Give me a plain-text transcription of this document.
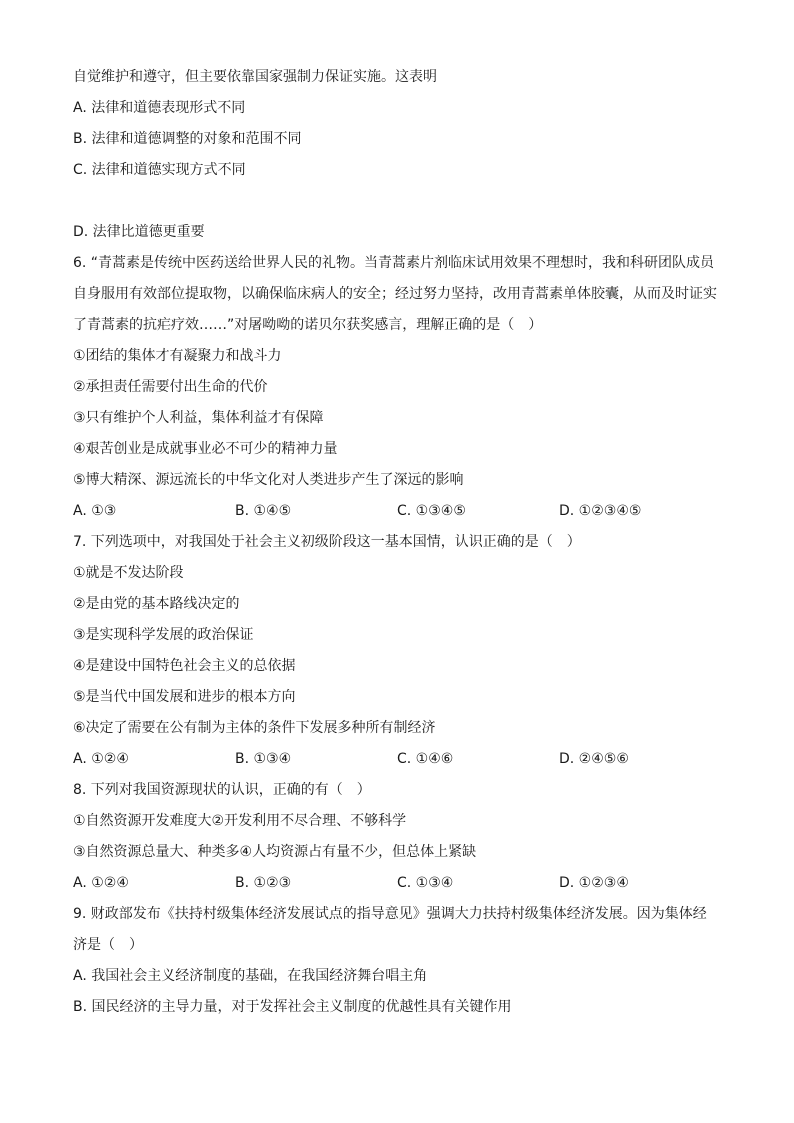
自觉维护和遵守，但主要依靠国家强制力保证实施。这表明
A. 法律和道德表现形式不同
B. 法律和道德调整的对象和范围不同
C. 法律和道德实现方式不同
D. 法律比道德更重要
6. “青蒿素是传统中医药送给世界人民的礼物。当青蒿素片剂临床试用效果不理想时，我和科研团队成员
自身服用有效部位提取物，以确保临床病人的安全；经过努力坚持，改用青蒿素单体胶囊，从而及时证实
了青蒿素的抗疟疗效……”对屠呦呦的诺贝尔获奖感言，理解正确的是（　）
①团结的集体才有凝聚力和战斗力
②承担责任需要付出生命的代价
③只有维护个人利益，集体利益才有保障
④艰苦创业是成就事业必不可少的精神力量
⑤博大精深、源远流长的中华文化对人类进步产生了深远的影响
A. ①③	B. ①④⑤	C. ①③④⑤	D. ①②③④⑤
7. 下列选项中，对我国处于社会主义初级阶段这一基本国情，认识正确的是（　）
①就是不发达阶段
②是由党的基本路线决定的
③是实现科学发展的政治保证
④是建设中国特色社会主义的总依据
⑤是当代中国发展和进步的根本方向
⑥决定了需要在公有制为主体的条件下发展多种所有制经济
A. ①②④	B. ①③④	C. ①④⑥	D. ②④⑤⑥
8. 下列对我国资源现状的认识，正确的有（　）
①自然资源开发难度大②开发利用不尽合理、不够科学
③自然资源总量大、种类多④人均资源占有量不少，但总体上紧缺
A. ①②④	B. ①②③	C. ①③④	D. ①②③④
9. 财政部发布《扶持村级集体经济发展试点的指导意见》强调大力扶持村级集体经济发展。因为集体经
济是（　）
A. 我国社会主义经济制度的基础，在我国经济舞台唱主角
B. 国民经济的主导力量，对于发挥社会主义制度的优越性具有关键作用
